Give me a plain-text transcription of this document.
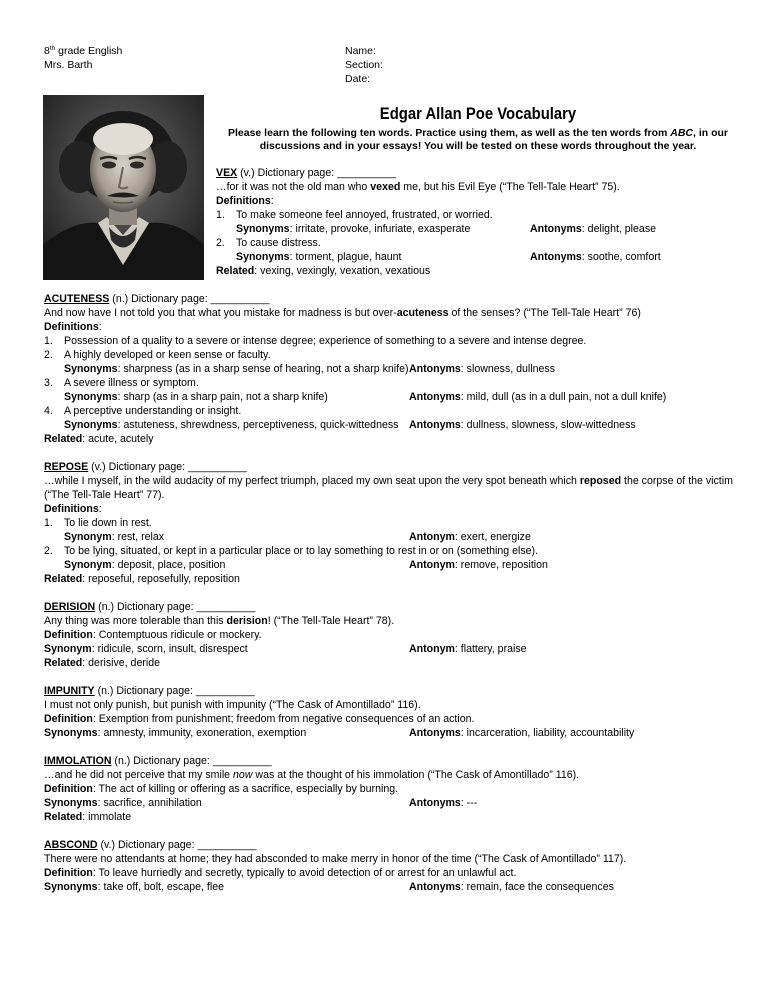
8th grade English
Mrs. Barth
Name:
Section:
Date:
Edgar Allan Poe Vocabulary
Please learn the following ten words. Practice using them, as well as the ten words from ABC, in our discussions and in your essays! You will be tested on these words throughout the year.
VEX (v.) Dictionary page: __________
…for it was not the old man who vexed me, but his Evil Eye (“The Tell-Tale Heart” 75).
Definitions:
1. To make someone feel annoyed, frustrated, or worried.
Synonyms: irritate, provoke, infuriate, exasperate	Antonyms: delight, please
2. To cause distress.
Synonyms: torment, plague, haunt	Antonyms: soothe, comfort
Related: vexing, vexingly, vexation, vexatious
ACUTENESS (n.) Dictionary page: __________
And now have I not told you that what you mistake for madness is but over-acuteness of the senses? (“The Tell-Tale Heart” 76)
Definitions:
1. Possession of a quality to a severe or intense degree; experience of something to a severe and intense degree.
2. A highly developed or keen sense or faculty.
Synonyms: sharpness (as in a sharp sense of hearing, not a sharp knife) Antonyms: slowness, dullness
3. A severe illness or symptom.
Synonyms: sharp (as in a sharp pain, not a sharp knife)	Antonyms: mild, dull (as in a dull pain, not a dull knife)
4. A perceptive understanding or insight.
Synonyms: astuteness, shrewdness, perceptiveness, quick-wittedness Antonyms: dullness, slowness, slow-wittedness
Related: acute, acutely
REPOSE (v.) Dictionary page: __________
…while I myself, in the wild audacity of my perfect triumph, placed my own seat upon the very spot beneath which reposed the corpse of the victim
(“The Tell-Tale Heart” 77).
Definitions:
1. To lie down in rest.
Synonym: rest, relax	Antonym: exert, energize
2. To be lying, situated, or kept in a particular place or to lay something to rest in or on (something else).
Synonym: deposit, place, position	Antonym: remove, reposition
Related: reposeful, reposefully, reposition
DERISION (n.) Dictionary page: __________
Any thing was more tolerable than this derision! (“The Tell-Tale Heart” 78).
Definition: Contemptuous ridicule or mockery.
Synonym: ridicule, scorn, insult, disrespect	Antonym: flattery, praise
Related: derisive, deride
IMPUNITY (n.) Dictionary page: __________
I must not only punish, but punish with impunity (“The Cask of Amontillado” 116).
Definition: Exemption from punishment; freedom from negative consequences of an action.
Synonyms: amnesty, immunity, exoneration, exemption	Antonyms: incarceration, liability, accountability
IMMOLATION (n.) Dictionary page: __________
…and he did not perceive that my smile now was at the thought of his immolation (“The Cask of Amontillado” 116).
Definition: The act of killing or offering as a sacrifice, especially by burning.
Synonyms: sacrifice, annihilation	Antonyms: ---
Related: immolate
ABSCOND (v.) Dictionary page: __________
There were no attendants at home; they had absconded to make merry in honor of the time (“The Cask of Amontillado” 117).
Definition: To leave hurriedly and secretly, typically to avoid detection of or arrest for an unlawful act.
Synonyms: take off, bolt, escape, flee	Antonyms: remain, face the consequences
